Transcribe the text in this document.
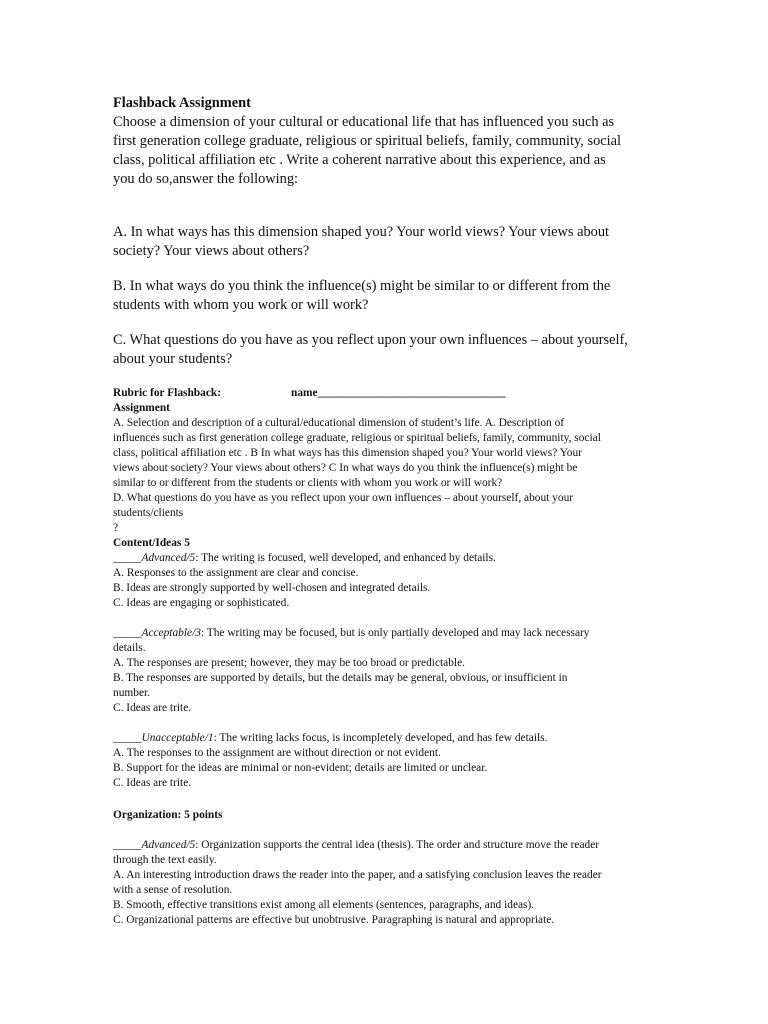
Flashback Assignment

Choose a dimension of your cultural or educational life that has influenced you such as

first generation college graduate, religious or spiritual beliefs, family, community, social

class, political affiliation etc . Write a coherent narrative about this experience, and as

you do so,answer the following:

A. In what ways has this dimension shaped you? Your world views? Your views about

society? Your views about others?

B. In what ways do you think the influence(s) might be similar to or different from the

students with whom you work or will work?

C. What questions do you have as you reflect upon your own influences – about yourself,

about your students?

Rubric for Flashback:	name _________________________________

Assignment

A. Selection and description of a cultural/educational dimension of student’s life. A. Description of

influences such as first generation college graduate, religious or spiritual beliefs, family, community, social

class, political affiliation etc . B In what ways has this dimension shaped you? Your world views? Your

views about society? Your views about others? C In what ways do you think the influence(s) might be

similar to or different from the students or clients with whom you work or will work?

D. What questions do you have as you reflect upon your own influences – about yourself, about your

students/clients

?

Content/Ideas 5

_____Advanced/5: The writing is focused, well developed, and enhanced by details.

A. Responses to the assignment are clear and concise.

B. Ideas are strongly supported by well-chosen and integrated details.

C. Ideas are engaging or sophisticated.

_____Acceptable/3: The writing may be focused, but is only partially developed and may lack necessary

details.

A. The responses are present; however, they may be too broad or predictable.

B. The responses are supported by details, but the details may be general, obvious, or insufficient in

number.

C. Ideas are trite.

_____Unacceptable/1: The writing lacks focus, is incompletely developed, and has few details.

A. The responses to the assignment are without direction or not evident.

B. Support for the ideas are minimal or non-evident; details are limited or unclear.

C. Ideas are trite.

Organization: 5 points

_____Advanced/5: Organization supports the central idea (thesis). The order and structure move the reader

through the text easily.

A. An interesting introduction draws the reader into the paper, and a satisfying conclusion leaves the reader

with a sense of resolution.

B. Smooth, effective transitions exist among all elements (sentences, paragraphs, and ideas).

C. Organizational patterns are effective but unobtrusive. Paragraphing is natural and appropriate.
